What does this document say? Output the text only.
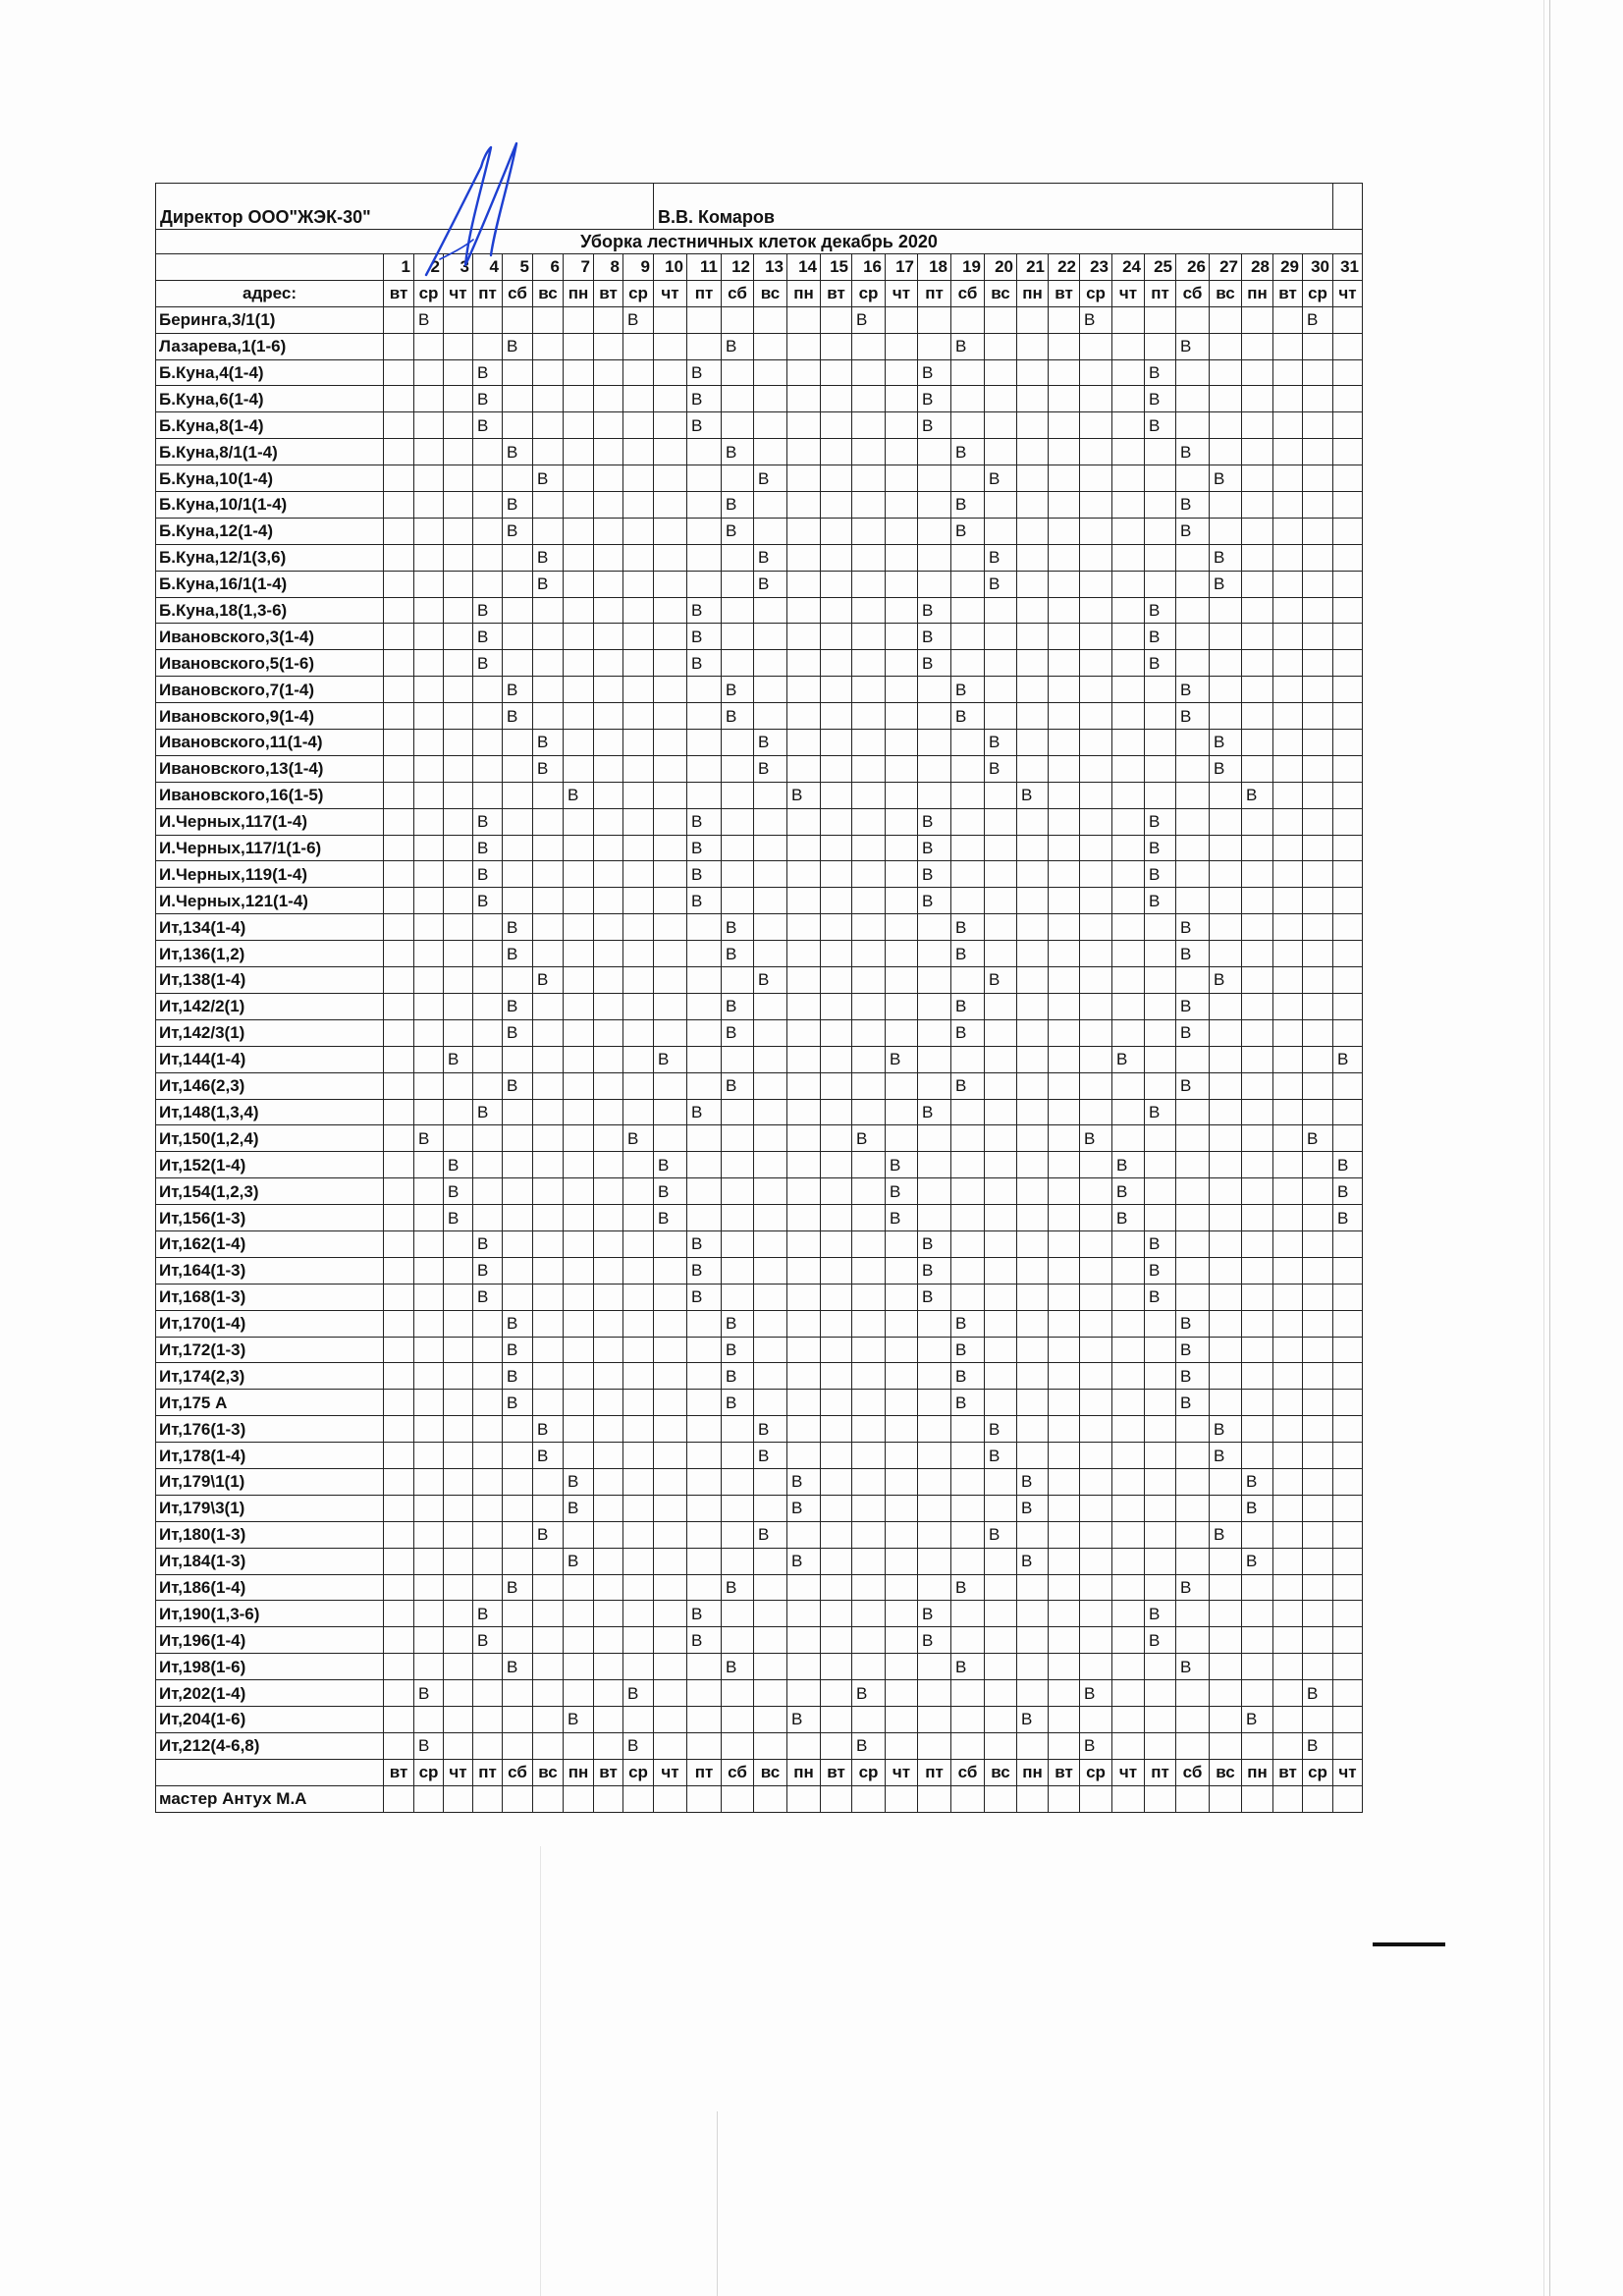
Директор ООО"ЖЭК-30"										В.В. Комаров																					
Уборка лестничных клеток декабрь 2020																															
	1	2	3	4	5	6	7	8	9	10	11	12	13	14	15	16	17	18	19	20	21	22	23	24	25	26	27	28	29	30	31
адрес:	вт	ср	чт	пт	сб	вс	пн	вт	ср	чт	пт	сб	вс	пн	вт	ср	чт	пт	сб	вс	пн	вт	ср	чт	пт	сб	вс	пн	вт	ср	чт
Беринга,3/1(1)		В							В							В							В							В	
Лазарева,1(1-6)					В							В							В							В					
Б.Куна,4(1-4)				В							В							В							В						
Б.Куна,6(1-4)				В							В							В							В						
Б.Куна,8(1-4)				В							В							В							В						
Б.Куна,8/1(1-4)					В							В							В							В					
Б.Куна,10(1-4)						В							В							В							В				
Б.Куна,10/1(1-4)					В							В							В							В					
Б.Куна,12(1-4)					В							В							В							В					
Б.Куна,12/1(3,6)						В							В							В							В				
Б.Куна,16/1(1-4)						В							В							В							В				
Б.Куна,18(1,3-6)				В							В							В							В						
Ивановского,3(1-4)				В							В							В							В						
Ивановского,5(1-6)				В							В							В							В						
Ивановского,7(1-4)					В							В							В							В					
Ивановского,9(1-4)					В							В							В							В					
Ивановского,11(1-4)						В							В							В							В				
Ивановского,13(1-4)						В							В							В							В				
Ивановского,16(1-5)							В							В							В							В			
И.Черных,117(1-4)				В							В							В							В						
И.Черных,117/1(1-6)				В							В							В							В						
И.Черных,119(1-4)				В							В							В							В						
И.Черных,121(1-4)				В							В							В							В						
Ит,134(1-4)					В							В							В							В					
Ит,136(1,2)					В							В							В							В					
Ит,138(1-4)						В							В							В							В				
Ит,142/2(1)					В							В							В							В					
Ит,142/3(1)					В							В							В							В					
Ит,144(1-4)			В							В							В							В							В
Ит,146(2,3)					В							В							В							В					
Ит,148(1,3,4)				В							В							В							В						
Ит,150(1,2,4)		В							В							В							В							В	
Ит,152(1-4)			В							В							В							В							В
Ит,154(1,2,3)			В							В							В							В							В
Ит,156(1-3)			В							В							В							В							В
Ит,162(1-4)				В							В							В							В						
Ит,164(1-3)				В							В							В							В						
Ит,168(1-3)				В							В							В							В						
Ит,170(1-4)					В							В							В							В					
Ит,172(1-3)					В							В							В							В					
Ит,174(2,3)					В							В							В							В					
Ит,175 А					В							В							В							В					
Ит,176(1-3)						В							В							В							В				
Ит,178(1-4)						В							В							В							В				
Ит,179\1(1)							В							В							В							В			
Ит,179\3(1)							В							В							В							В			
Ит,180(1-3)						В							В							В							В				
Ит,184(1-3)							В							В							В							В			
Ит,186(1-4)					В							В							В							В					
Ит,190(1,3-6)				В							В							В							В						
Ит,196(1-4)				В							В							В							В						
Ит,198(1-6)					В							В							В							В					
Ит,202(1-4)		В							В							В							В							В	
Ит,204(1-6)							В							В							В							В			
Ит,212(4-6,8)		В							В							В							В							В	
	вт	ср	чт	пт	сб	вс	пн	вт	ср	чт	пт	сб	вс	пн	вт	ср	чт	пт	сб	вс	пн	вт	ср	чт	пт	сб	вс	пн	вт	ср	чт
мастер Антух М.А																															
